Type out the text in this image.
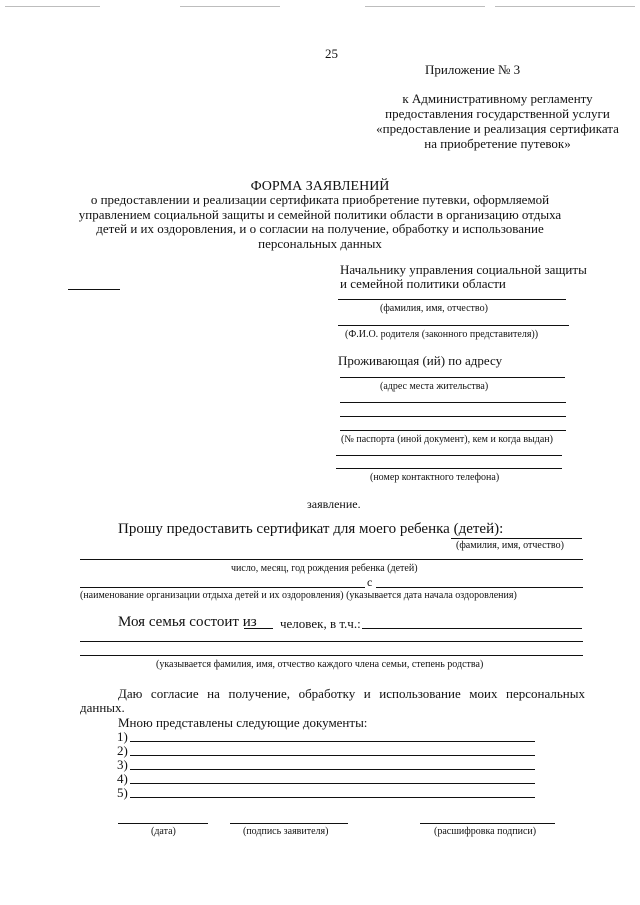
25
Приложение № 3
к Административному регламенту
предоставления государственной услуги
«предоставление и реализация сертификата
на приобретение путевок»
ФОРМА ЗАЯВЛЕНИЙ
о предоставлении и реализации сертификата приобретение путевки, оформляемой
управлением социальной защиты и семейной политики области в организацию отдыха
детей и их оздоровления, и о согласии на получение, обработку и использование
персональных данных
Начальнику управления социальной защиты
и семейной политики области
(фамилия, имя, отчество)
(Ф.И.О. родителя (законного представителя))
Проживающая (ий) по адресу
(адрес места жительства)
(№ паспорта (иной документ), кем и когда выдан)
(номер контактного телефона)
заявление.
Прошу предоставить сертификат для моего ребенка (детей):
(фамилия, имя, отчество)
число, месяц, год рождения ребенка (детей)
с
(наименование организации отдыха детей и их оздоровления) (указывается дата начала оздоровления)
Моя семья состоит из человек, в т.ч.:
(указывается фамилия, имя, отчество каждого члена семьи, степень родства)
Даю согласие на получение, обработку и использование моих персональных
данных.
Мною представлены следующие документы:
1)
2)
3)
4)
5)
(дата)	(подпись заявителя)	(расшифровка подписи)
